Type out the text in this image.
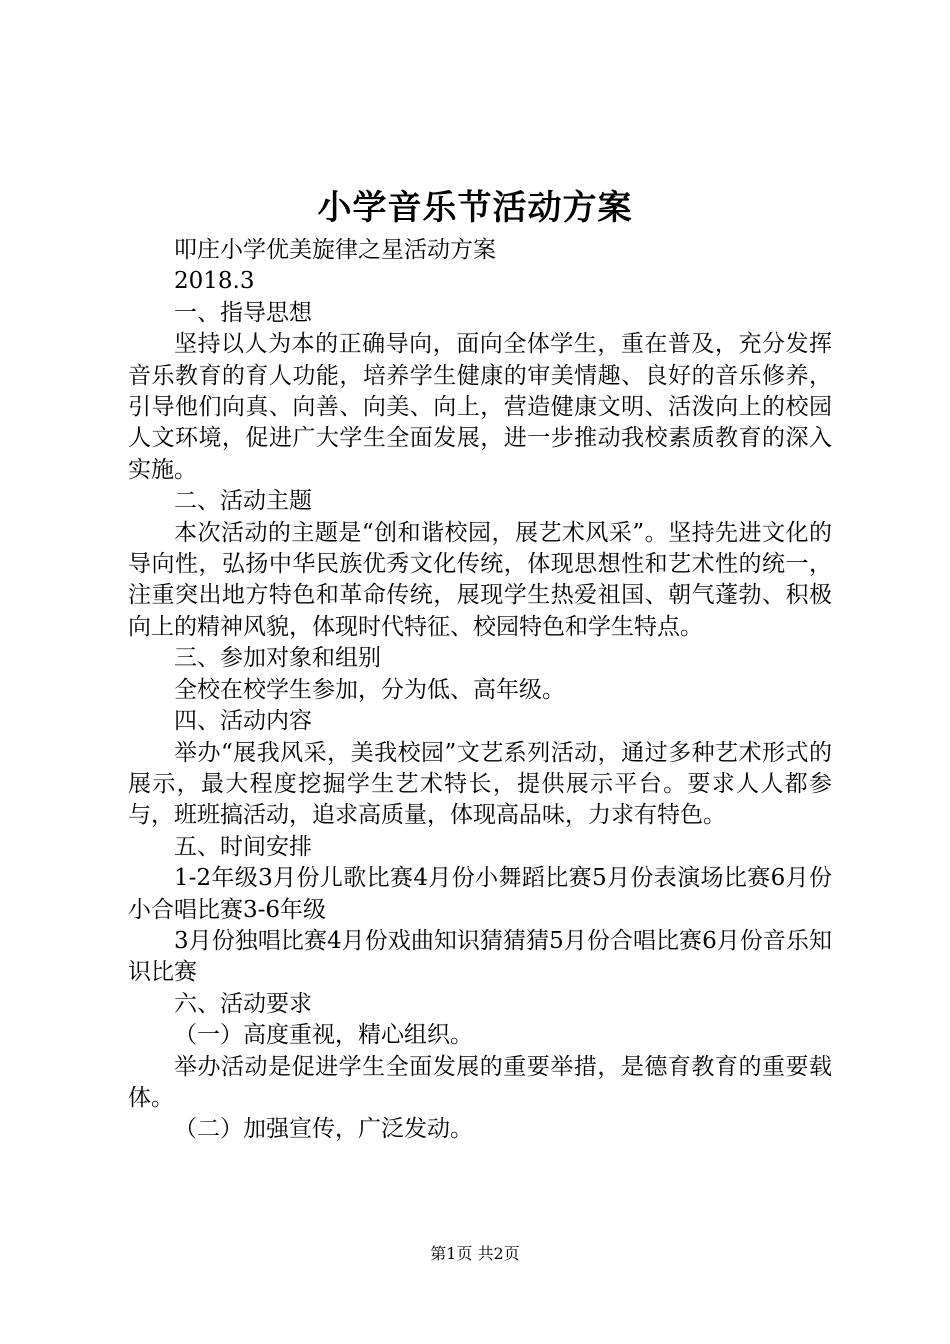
小学音乐节活动方案

叩庄小学优美旋律之星活动方案

2018.3

一、指导思想

坚持以人为本的正确导向，面向全体学生，重在普及，充分发挥音乐教育的育人功能，培养学生健康的审美情趣、良好的音乐修养，引导他们向真、向善、向美、向上，营造健康文明、活泼向上的校园人文环境，促进广大学生全面发展，进一步推动我校素质教育的深入实施。

二、活动主题

本次活动的主题是“创和谐校园，展艺术风采”。坚持先进文化的导向性，弘扬中华民族优秀文化传统，体现思想性和艺术性的统一，注重突出地方特色和革命传统，展现学生热爱祖国、朝气蓬勃、积极向上的精神风貌，体现时代特征、校园特色和学生特点。

三、参加对象和组别

全校在校学生参加，分为低、高年级。

四、活动内容

举办“展我风采，美我校园”文艺系列活动，通过多种艺术形式的展示，最大程度挖掘学生艺术特长，提供展示平台。要求人人都参与，班班搞活动，追求高质量，体现高品味，力求有特色。

五、时间安排

1-2年级3月份儿歌比赛4月份小舞蹈比赛5月份表演场比赛6月份小合唱比赛3-6年级

3月份独唱比赛4月份戏曲知识猜猜猜5月份合唱比赛6月份音乐知识比赛

六、活动要求

（一）高度重视，精心组织。

举办活动是促进学生全面发展的重要举措，是德育教育的重要载体。

（二）加强宣传，广泛发动。

第1页 共2页
